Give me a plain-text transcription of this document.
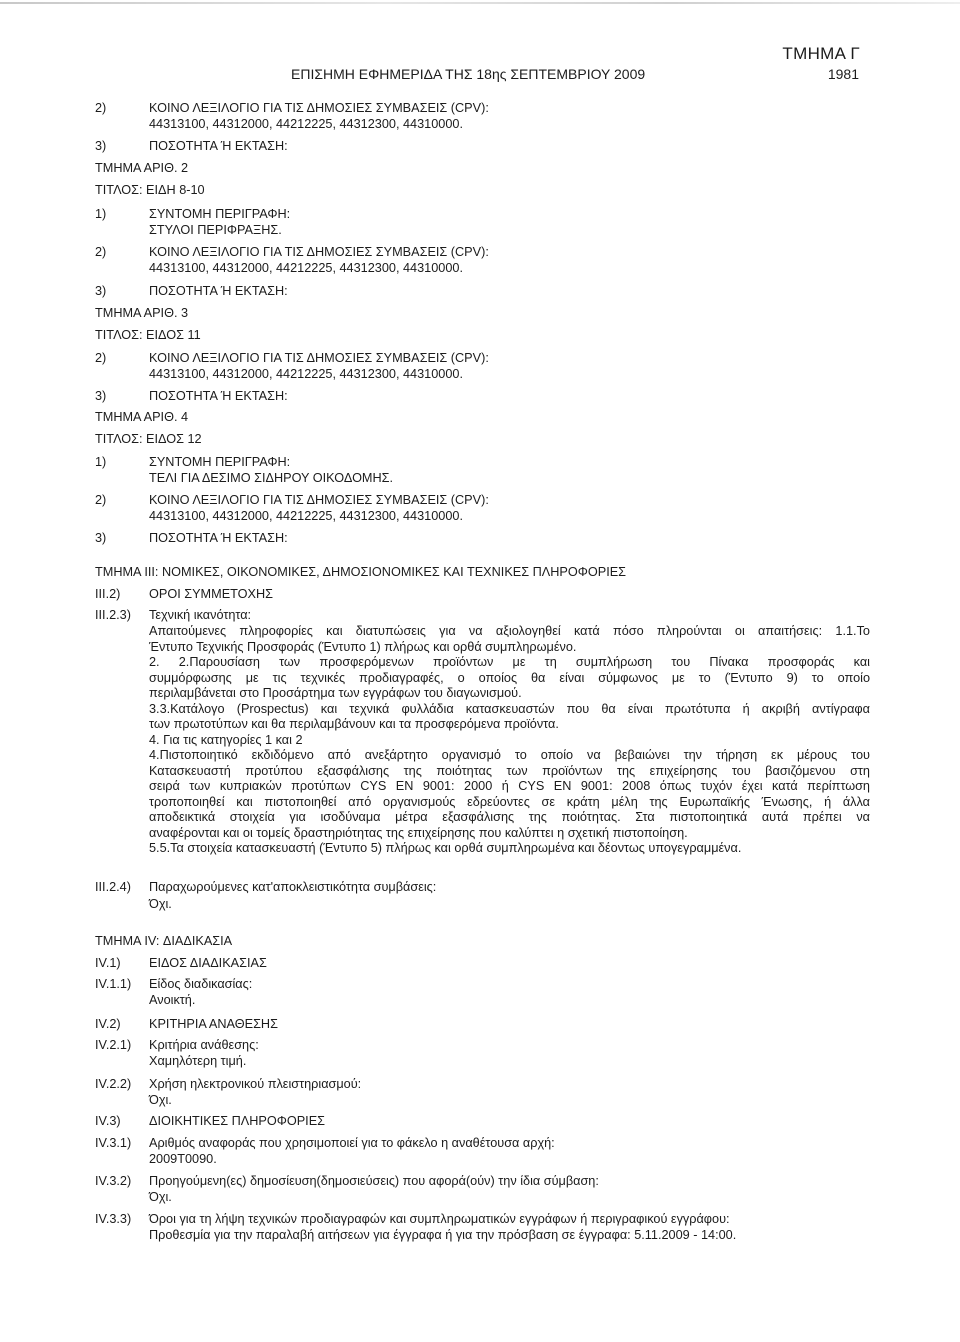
ΤΜΗΜΑ Γ
ΕΠΙΣΗΜΗ ΕΦΗΜΕΡΙΔΑ ΤΗΣ 18ης ΣΕΠΤΕΜΒΡΙΟΥ 2009	1981
2)	ΚΟΙΝΟ ΛΕΞΙΛΟΓΙΟ ΓΙΑ ΤΙΣ ΔΗΜΟΣΙΕΣ ΣΥΜΒΑΣΕΙΣ (CPV):
44313100, 44312000, 44212225, 44312300, 44310000.
3)	ΠΟΣΟΤΗΤΑ Ή ΕΚΤΑΣΗ:
ΤΜΗΜΑ ΑΡΙΘ. 2
ΤΙΤΛΟΣ: ΕΙΔΗ 8-10
1)	ΣΥΝΤΟΜΗ ΠΕΡΙΓΡΑΦΗ:
ΣΤΥΛΟΙ ΠΕΡΙΦΡΑΞΗΣ.
2)	ΚΟΙΝΟ ΛΕΞΙΛΟΓΙΟ ΓΙΑ ΤΙΣ ΔΗΜΟΣΙΕΣ ΣΥΜΒΑΣΕΙΣ (CPV):
44313100, 44312000, 44212225, 44312300, 44310000.
3)	ΠΟΣΟΤΗΤΑ Ή ΕΚΤΑΣΗ:
ΤΜΗΜΑ ΑΡΙΘ. 3
ΤΙΤΛΟΣ: ΕΙΔΟΣ 11
2)	ΚΟΙΝΟ ΛΕΞΙΛΟΓΙΟ ΓΙΑ ΤΙΣ ΔΗΜΟΣΙΕΣ ΣΥΜΒΑΣΕΙΣ (CPV):
44313100, 44312000, 44212225, 44312300, 44310000.
3)	ΠΟΣΟΤΗΤΑ Ή ΕΚΤΑΣΗ:
ΤΜΗΜΑ ΑΡΙΘ. 4
ΤΙΤΛΟΣ: ΕΙΔΟΣ 12
1)	ΣΥΝΤΟΜΗ ΠΕΡΙΓΡΑΦΗ:
ΤΕΛΙ ΓΙΑ ΔΕΣΙΜΟ ΣΙΔΗΡΟΥ ΟΙΚΟΔΟΜΗΣ.
2)	ΚΟΙΝΟ ΛΕΞΙΛΟΓΙΟ ΓΙΑ ΤΙΣ ΔΗΜΟΣΙΕΣ ΣΥΜΒΑΣΕΙΣ (CPV):
44313100, 44312000, 44212225, 44312300, 44310000.
3)	ΠΟΣΟΤΗΤΑ Ή ΕΚΤΑΣΗ:
ΤΜΗΜΑ III: ΝΟΜΙΚΕΣ, ΟΙΚΟΝΟΜΙΚΕΣ, ΔΗΜΟΣΙΟΝΟΜΙΚΕΣ ΚΑΙ ΤΕΧΝΙΚΕΣ ΠΛΗΡΟΦΟΡΙΕΣ
III.2) ΟΡΟΙ ΣΥΜΜΕΤΟΧΗΣ
III.2.3) Τεχνική ικανότητα:
Απαιτούμενες πληροφορίες και διατυπώσεις για να αξιολογηθεί κατά πόσο πληρούνται οι απαιτήσεις: 1.1.Το
Έντυπο Τεχνικής Προσφοράς (Έντυπο 1) πλήρως και ορθά συμπληρωμένο.
2. 2.Παρουσίαση των προσφερόμενων προϊόντων με τη συμπλήρωση του Πίνακα προσφοράς και
συμμόρφωσης με τις τεχνικές προδιαγραφές, ο οποίος θα είναι σύμφωνος με το (Έντυπο 9) το οποίο
περιλαμβάνεται στο Προσάρτημα των εγγράφων του διαγωνισμού.
3.3.Κατάλογο (Prospectus) και τεχνικά φυλλάδια κατασκευαστών που θα είναι πρωτότυπα ή ακριβή αντίγραφα
των πρωτοτύπων και θα περιλαμβάνουν και τα προσφερόμενα προϊόντα.
4. Για τις κατηγορίες 1 και 2
4.Πιστοποιητικό εκδιδόμενο από ανεξάρτητο οργανισμό το οποίο να βεβαιώνει την τήρηση εκ μέρους του
Κατασκευαστή προτύπου εξασφάλισης της ποιότητας των προϊόντων της επιχείρησης του βασιζόμενου στη
σειρά των κυπριακών προτύπων CYS EN 9001: 2000 ή CYS EN 9001: 2008 όπως τυχόν έχει κατά περίπτωση
τροποποιηθεί και πιστοποιηθεί από οργανισμούς εδρεύοντες σε κράτη μέλη της Ευρωπαϊκής Ένωσης, ή άλλα
αποδεικτικά στοιχεία για ισοδύναμα μέτρα εξασφάλισης της ποιότητας. Στα πιστοποιητικά αυτά πρέπει να
αναφέρονται και οι τομείς δραστηριότητας της επιχείρησης που καλύπτει η σχετική πιστοποίηση.
5.5.Τα στοιχεία κατασκευαστή (Έντυπο 5) πλήρως και ορθά συμπληρωμένα και δέοντως υπογεγραμμένα.
III.2.4) Παραχωρούμενες κατ'αποκλειστικότητα συμβάσεις:
Όχι.
ΤΜΗΜΑ IV: ΔΙΑΔΙΚΑΣΙΑ
IV.1) ΕΙΔΟΣ ΔΙΑΔΙΚΑΣΙΑΣ
IV.1.1) Είδος διαδικασίας:
Ανοικτή.
IV.2) ΚΡΙΤΗΡΙΑ ΑΝΑΘΕΣΗΣ
IV.2.1) Κριτήρια ανάθεσης:
Χαμηλότερη τιμή.
IV.2.2) Χρήση ηλεκτρονικού πλειστηριασμού:
Όχι.
IV.3) ΔΙΟΙΚΗΤΙΚΕΣ ΠΛΗΡΟΦΟΡΙΕΣ
IV.3.1) Αριθμός αναφοράς που χρησιμοποιεί για το φάκελο η αναθέτουσα αρχή:
2009T0090.
IV.3.2) Προηγούμενη(ες) δημοσίευση(δημοσιεύσεις) που αφορά(ούν) την ίδια σύμβαση:
Όχι.
IV.3.3) Όροι για τη λήψη τεχνικών προδιαγραφών και συμπληρωματικών εγγράφων ή περιγραφικού εγγράφου:
Προθεσμία για την παραλαβή αιτήσεων για έγγραφα ή για την πρόσβαση σε έγγραφα: 5.11.2009 - 14:00.
